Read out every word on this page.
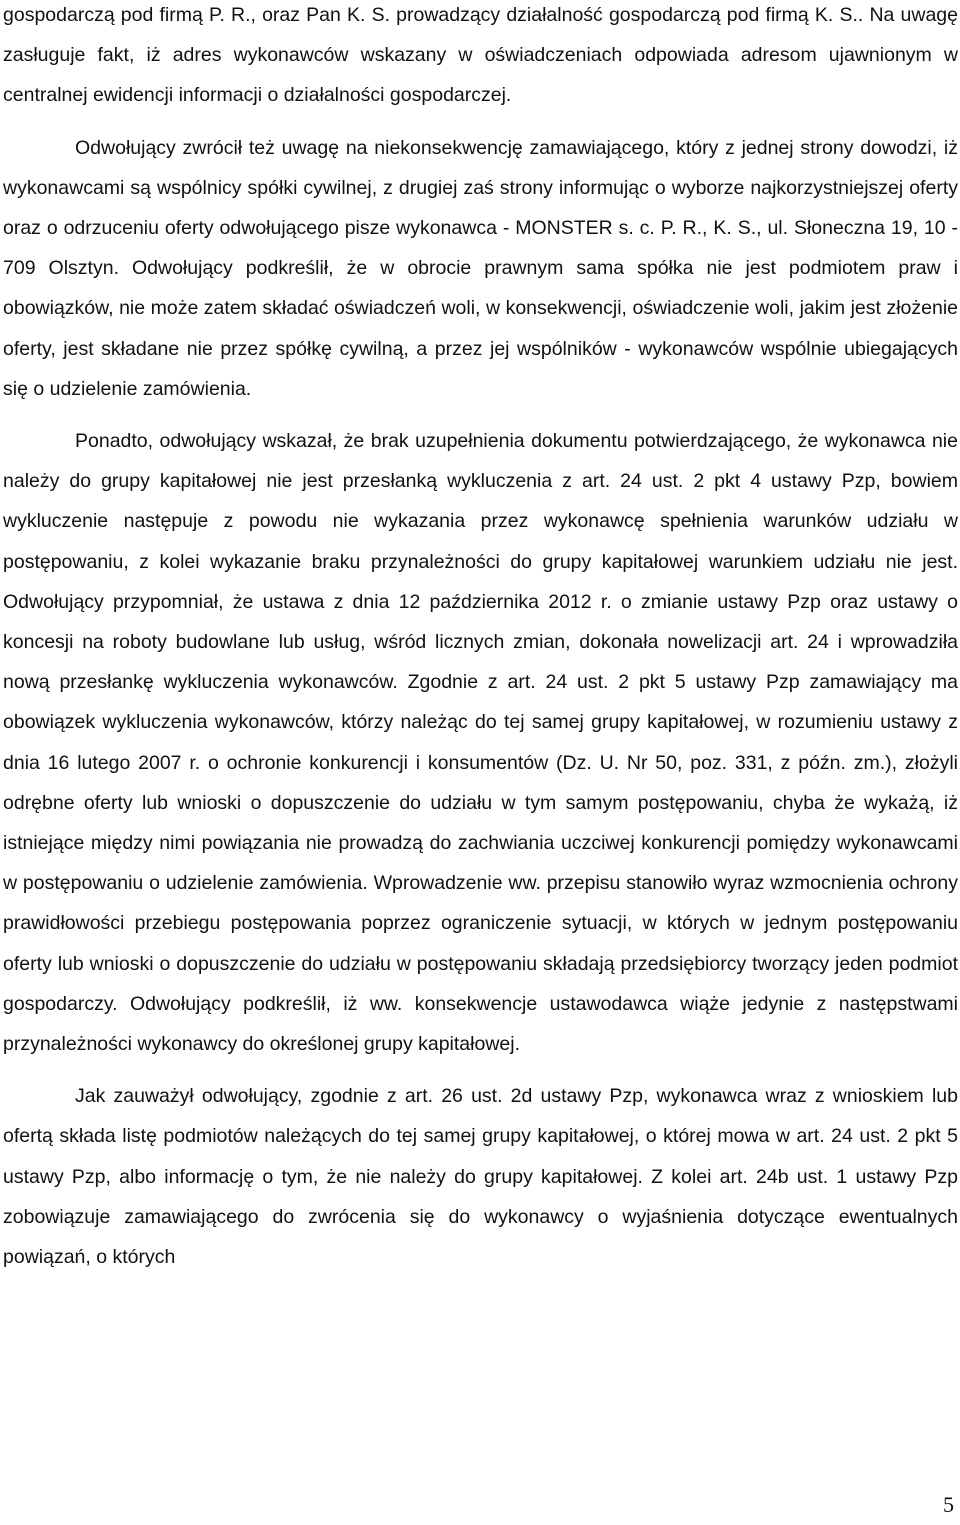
gospodarczą pod firmą P. R., oraz Pan K. S. prowadzący działalność gospodarczą pod firmą K. S.. Na uwagę zasługuje fakt, iż adres wykonawców wskazany w oświadczeniach odpowiada adresom ujawnionym w centralnej ewidencji informacji o działalności gospodarczej.

Odwołujący zwrócił też uwagę na niekonsekwencję zamawiającego, który z jednej strony dowodzi, iż wykonawcami są wspólnicy spółki cywilnej, z drugiej zaś strony informując o wyborze najkorzystniejszej oferty oraz o odrzuceniu oferty odwołującego pisze wykonawca - MONSTER s. c. P. R., K. S., ul. Słoneczna 19, 10 - 709 Olsztyn. Odwołujący podkreślił, że w obrocie prawnym sama spółka nie jest podmiotem praw i obowiązków, nie może zatem składać oświadczeń woli, w konsekwencji, oświadczenie woli, jakim jest złożenie oferty, jest składane nie przez spółkę cywilną, a przez jej wspólników - wykonawców wspólnie ubiegających się o udzielenie zamówienia.

Ponadto, odwołujący wskazał, że brak uzupełnienia dokumentu potwierdzającego, że wykonawca nie należy do grupy kapitałowej nie jest przesłanką wykluczenia z art. 24 ust. 2 pkt 4 ustawy Pzp, bowiem wykluczenie następuje z powodu nie wykazania przez wykonawcę spełnienia warunków udziału w postępowaniu, z kolei wykazanie braku przynależności do grupy kapitałowej warunkiem udziału nie jest. Odwołujący przypomniał, że ustawa z dnia 12 października 2012 r. o zmianie ustawy Pzp oraz ustawy o koncesji na roboty budowlane lub usług, wśród licznych zmian, dokonała nowelizacji art. 24 i wprowadziła nową przesłankę wykluczenia wykonawców. Zgodnie z art. 24 ust. 2 pkt 5 ustawy Pzp zamawiający ma obowiązek wykluczenia wykonawców, którzy należąc do tej samej grupy kapitałowej, w rozumieniu ustawy z dnia 16 lutego 2007 r. o ochronie konkurencji i konsumentów (Dz. U. Nr 50, poz. 331, z późn. zm.), złożyli odrębne oferty lub wnioski o dopuszczenie do udziału w tym samym postępowaniu, chyba że wykażą, iż istniejące między nimi powiązania nie prowadzą do zachwiania uczciwej konkurencji pomiędzy wykonawcami w postępowaniu o udzielenie zamówienia. Wprowadzenie ww. przepisu stanowiło wyraz wzmocnienia ochrony prawidłowości przebiegu postępowania poprzez ograniczenie sytuacji, w których w jednym postępowaniu oferty lub wnioski o dopuszczenie do udziału w postępowaniu składają przedsiębiorcy tworzący jeden podmiot gospodarczy. Odwołujący podkreślił, iż ww. konsekwencje ustawodawca wiąże jedynie z następstwami przynależności wykonawcy do określonej grupy kapitałowej.

Jak zauważył odwołujący, zgodnie z art. 26 ust. 2d ustawy Pzp, wykonawca wraz z wnioskiem lub ofertą składa listę podmiotów należących do tej samej grupy kapitałowej, o której mowa w art. 24 ust. 2 pkt 5 ustawy Pzp, albo informację o tym, że nie należy do grupy kapitałowej. Z kolei art. 24b ust. 1 ustawy Pzp zobowiązuje zamawiającego do zwrócenia się do wykonawcy o wyjaśnienia dotyczące ewentualnych powiązań, o których

5
